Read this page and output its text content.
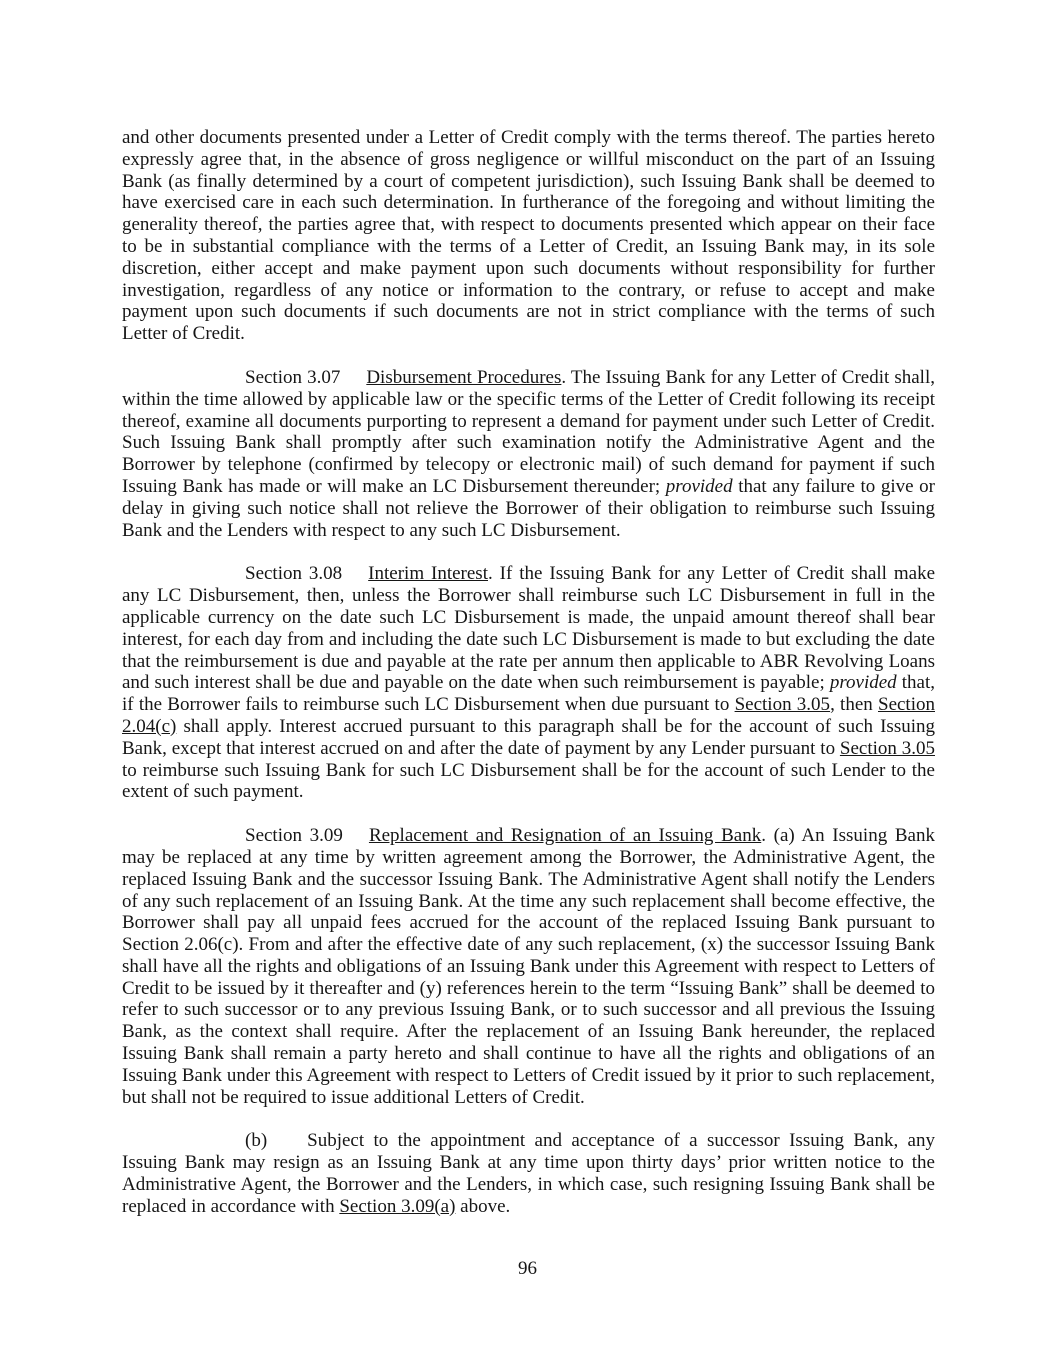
and other documents presented under a Letter of Credit comply with the terms thereof. The parties hereto expressly agree that, in the absence of gross negligence or willful misconduct on the part of an Issuing Bank (as finally determined by a court of competent jurisdiction), such Issuing Bank shall be deemed to have exercised care in each such determination. In furtherance of the foregoing and without limiting the generality thereof, the parties agree that, with respect to documents presented which appear on their face to be in substantial compliance with the terms of a Letter of Credit, an Issuing Bank may, in its sole discretion, either accept and make payment upon such documents without responsibility for further investigation, regardless of any notice or information to the contrary, or refuse to accept and make payment upon such documents if such documents are not in strict compliance with the terms of such Letter of Credit.

Section 3.07 Disbursement Procedures. The Issuing Bank for any Letter of Credit shall, within the time allowed by applicable law or the specific terms of the Letter of Credit following its receipt thereof, examine all documents purporting to represent a demand for payment under such Letter of Credit. Such Issuing Bank shall promptly after such examination notify the Administrative Agent and the Borrower by telephone (confirmed by telecopy or electronic mail) of such demand for payment if such Issuing Bank has made or will make an LC Disbursement thereunder; provided that any failure to give or delay in giving such notice shall not relieve the Borrower of their obligation to reimburse such Issuing Bank and the Lenders with respect to any such LC Disbursement.

Section 3.08 Interim Interest. If the Issuing Bank for any Letter of Credit shall make any LC Disbursement, then, unless the Borrower shall reimburse such LC Disbursement in full in the applicable currency on the date such LC Disbursement is made, the unpaid amount thereof shall bear interest, for each day from and including the date such LC Disbursement is made to but excluding the date that the reimbursement is due and payable at the rate per annum then applicable to ABR Revolving Loans and such interest shall be due and payable on the date when such reimbursement is payable; provided that, if the Borrower fails to reimburse such LC Disbursement when due pursuant to Section 3.05, then Section 2.04(c) shall apply. Interest accrued pursuant to this paragraph shall be for the account of such Issuing Bank, except that interest accrued on and after the date of payment by any Lender pursuant to Section 3.05 to reimburse such Issuing Bank for such LC Disbursement shall be for the account of such Lender to the extent of such payment.

Section 3.09 Replacement and Resignation of an Issuing Bank. (a) An Issuing Bank may be replaced at any time by written agreement among the Borrower, the Administrative Agent, the replaced Issuing Bank and the successor Issuing Bank. The Administrative Agent shall notify the Lenders of any such replacement of an Issuing Bank. At the time any such replacement shall become effective, the Borrower shall pay all unpaid fees accrued for the account of the replaced Issuing Bank pursuant to Section 2.06(c). From and after the effective date of any such replacement, (x) the successor Issuing Bank shall have all the rights and obligations of an Issuing Bank under this Agreement with respect to Letters of Credit to be issued by it thereafter and (y) references herein to the term “Issuing Bank” shall be deemed to refer to such successor or to any previous Issuing Bank, or to such successor and all previous the Issuing Bank, as the context shall require. After the replacement of an Issuing Bank hereunder, the replaced Issuing Bank shall remain a party hereto and shall continue to have all the rights and obligations of an Issuing Bank under this Agreement with respect to Letters of Credit issued by it prior to such replacement, but shall not be required to issue additional Letters of Credit.

(b) Subject to the appointment and acceptance of a successor Issuing Bank, any Issuing Bank may resign as an Issuing Bank at any time upon thirty days’ prior written notice to the Administrative Agent, the Borrower and the Lenders, in which case, such resigning Issuing Bank shall be replaced in accordance with Section 3.09(a) above.

96
